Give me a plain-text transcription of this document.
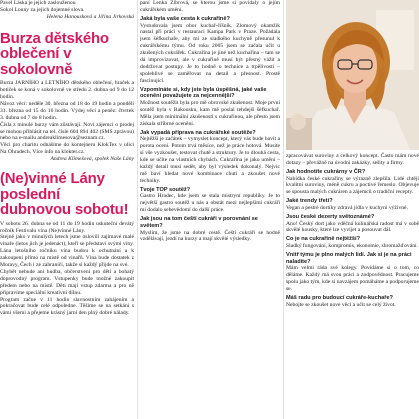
Pavel Láska je jejich zaslouženou

Sokol Louny za jejich dojemné slova.

Helena Hanousková a Jiřina Jirkovská
Burza dětského oblečení v sokolovně

Burza JARNÍHO a LETNÍHO dětského oblečení, hraček a botiček se koná v sokolovně ve středu 2. dubna od 9 do 12 hodin.

Návoz věcí: neděle 30. března od 18 do 19 hodin a pondělí 31. března od 15 do 16 hodin. Výdej věcí a peněz: čtvrtek 3. dubna od 7 do 8 hodin.

Čísla z minulé burzy vám zůstávají. Noví zájemci o prodej se mohou přihlásit na tel. čísle 604 894 402 (SMS zprávou) nebo na e-mailu andreaklimesova@seznam.cz.

Věci pro charitu odnášíme do kontejneru KlokTex v ulici Na Ohradech. Více info na klokter.cz.

Andrea Klimešová, spolek Naše Lány
(Ne)vinné Lány poslední dubnovou sobotu!

V sobotu 26. dubna se od 11 do 19 hodin uskuteční devátý ročník Festivalu vína (Ne)vinné Lány.

Stejně jako v minulých letech jsme oslovili zajímavé malé vinaře (letos jich je jedenáct), kteří se představí svými víny. Lána letošního ročníku vína budou k ochutnání a k zakoupení přímo na místě od vinařů. Vína bude dostatek z Moravy, Čech i ze zahraničí, takže si každý přijde na své.

Chybět nebude ani hudba, občerstvení pro děti a bohatý doprovodný program. Vstupenky bude možné zakoupit předem nebo na místě. Děti mají vstup zdarma a pro ně připravíme speciální kreativní dílnu.

Program začne v 11 hodin slavnostním zahájením a pokračovat bude celé odpoledne. Těšíme se na setkání s vámi všemi a přejeme krásný jarní den plný dobré nálady.

paní Lenka Zíbrová, se kterou jsme si povídaly o jejím cukrářském umění.

Jaká byla vaše cesta k cukrařině?

Vystudovala jsem obor kuchař-číšník. Zlomový okamžik nastal při práci v restauraci Kampa Park v Praze. Požádala jsem šéfkuchaře, aby mi ze sladkého kuchyně přesunul k cukrářskému týmu. Od roku 2005 jsem se začala učit u zkušených cukrářek. Cukrařina je jiné než kuchařina – tam se dá improvizovat, ale v cukrařině musí být přesný vážit a dodržovat postupy. Je to hodně o technice a trpělivosti – spolehlivé se zaměřovat na detail a přesnost. Prostě fascinující.

Vzpomínáte si, kdy jste byla úspěšná, jaké vaše ocenění považujete za nejcennější?

Možnost soutěžit byla pro mě obrovské zkušenost. Moje první soutěž byla v Rakousku, kam mě poslal tehdejší šéfkuchař. Měla jsem minimální zkušenosti s cukrařinou, ale přesto jsem získala stříbrné ocenění.

Jak vypadá příprava na cukrářské soutěže?

Nejtěžší je začátek – vymyslet koncept, který vás bude bavit a porota ocení. Potom trvá měsíce, než je práce hotová. Musíte si vše vyzkoušet, testovat chutě a struktury. Je to dlouhá cesta, kde se učíte na vlastních chybách. Cukrařina je jako umění – každý detail musí sedět, aby byl výsledek dokonalý. Nejvíc mě baví hledat nové kombinace chutí a zkoušet nové techniky.

Tvoje TOP soutěž?

Gastro Hradec, kde jsem se stala mistryní republiky. Je to největší gastro soutěž u nás a obstát mezi nejlepšími cukráři mi dodalo sebevědomí do další práce.

Jak jsou na tom čeští cukráři v porovnání se světem?

Myslím, že jsme na dobré cestě. Čeští cukráři se hodně vzdělávají, jezdí na kurzy a mají skvělé výsledky.

zpracovávat suroviny a celkový koncept. Často mám nové dotazy – převážně na úvodní zakázky, sešity a firmy.

Jak hodnotíte cukrárny v ČR?

Nabídka české cukrařiny se výrazně zlepšila. Lidé chtějí kvalitní suroviny, méně cukru a poctivé řemeslo. Objevuje se spousta malých cukráren a zájemců o tradiční recepty.

Jaké trendy třetí?

Vegan a pestré dortíky zdravá jídla v kuchyni výživné.

Jsou české dezerty světoznámé?

Ano! Český dort jako vděčná kulinářská radost má v sobě skvělé kousky, které lze vyvíjet a posouvat dál.

Co je na cukrařině nejtěžší?

Sladký fungování, kompromis, ekonomie, shromažďování.

Vnitř týmu je plno malých lidí. Jak si je na práci naladíte?

Mám velmi ráda své kolegy. Povídáme si o tom, co děláme. Každý má svou práci a zodpovědnost. Pracujeme spolu jako tým, kde si navzájem pomáháme a podporujeme se.

Máš radu pro budoucí cukráře-kuchaře?

Nebojte se zkoušet nové věci a učit se celý život.
